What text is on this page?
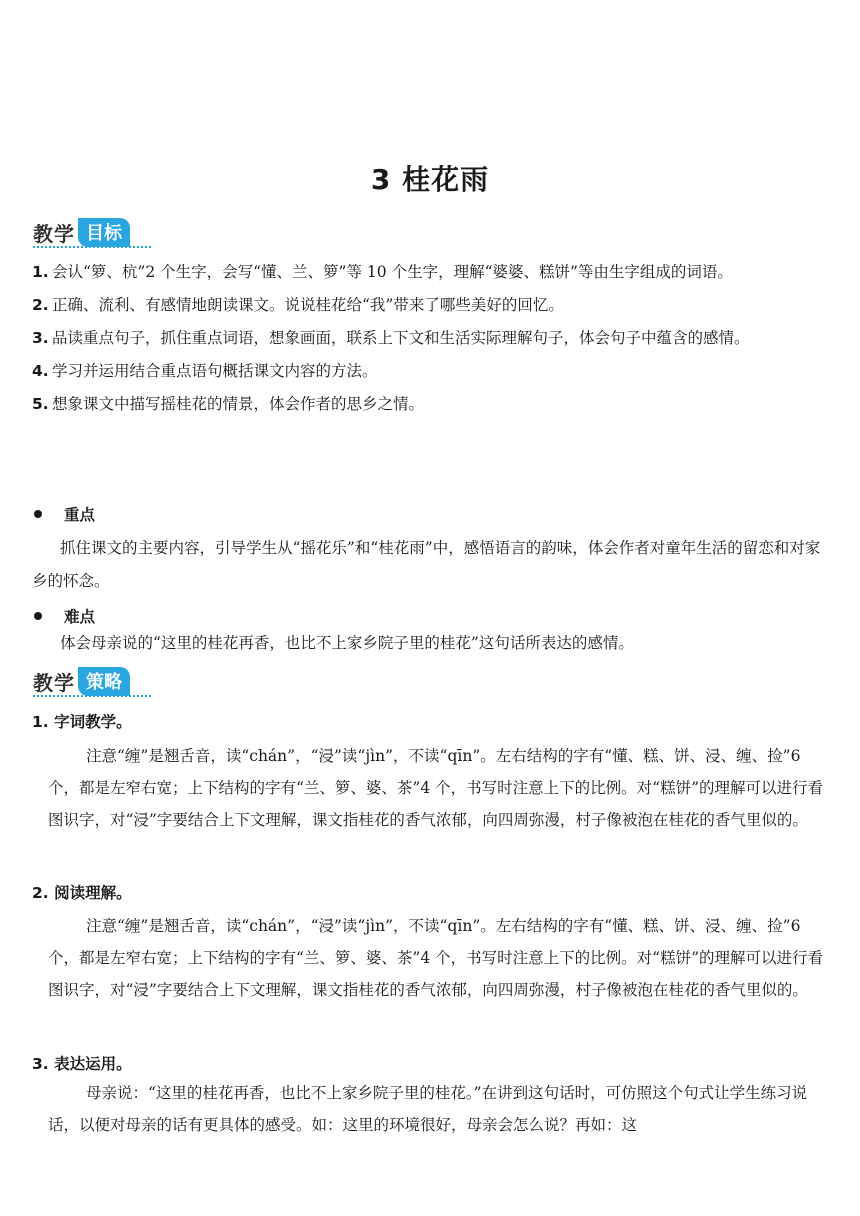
3 桂花雨
教学 目标
1. 会认“箩、杭”2 个生字，会写“懂、兰、箩”等 10 个生字，理解“婆婆、糕饼”等由生字组成的词语。
2. 正确、流利、有感情地朗读课文。说说桂花给“我”带来了哪些美好的回忆。
3. 品读重点句子，抓住重点词语，想象画面，联系上下文和生活实际理解句子，体会句子中蕴含的感情。
4. 学习并运用结合重点语句概括课文内容的方法。
5. 想象课文中描写摇桂花的情景，体会作者的思乡之情。
重点
抓住课文的主要内容，引导学生从“摇花乐”和“桂花雨”中，感悟语言的韵味，体会作者对童年生活的留恋和对家乡的怀念。
难点
体会母亲说的“这里的桂花再香，也比不上家乡院子里的桂花”这句话所表达的感情。
教学 策略
1. 字词教学。
注意“缠”是翘舌音，读“chán”，“浸”读“jìn”，不读“qīn”。左右结构的字有“懂、糕、饼、浸、缠、捡”6 个，都是左窄右宽；上下结构的字有“兰、箩、婆、茶”4 个，书写时注意上下的比例。对“糕饼”的理解可以进行看图识字，对“浸”字要结合上下文理解，课文指桂花的香气浓郁，向四周弥漫，村子像被泡在桂花的香气里似的。
2. 阅读理解。
注意“缠”是翘舌音，读“chán”，“浸”读“jìn”，不读“qīn”。左右结构的字有“懂、糕、饼、浸、缠、捡”6 个，都是左窄右宽；上下结构的字有“兰、箩、婆、茶”4 个，书写时注意上下的比例。对“糕饼”的理解可以进行看图识字，对“浸”字要结合上下文理解，课文指桂花的香气浓郁，向四周弥漫，村子像被泡在桂花的香气里似的。
3. 表达运用。
母亲说：“这里的桂花再香，也比不上家乡院子里的桂花。”在讲到这句话时，可仿照这个句式让学生练习说话，以便对母亲的话有更具体的感受。如：这里的环境很好，母亲会怎么说？再如：这
